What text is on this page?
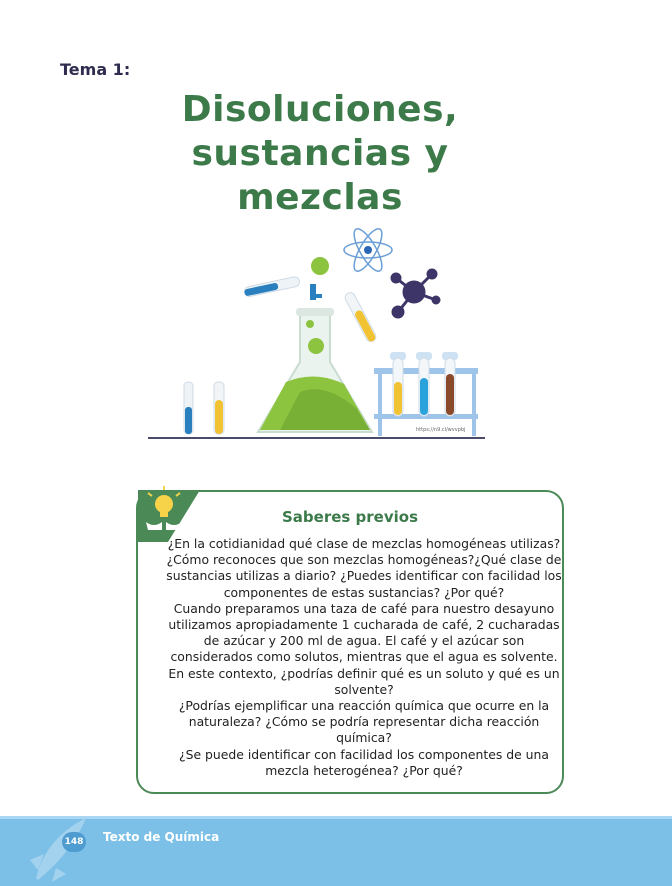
Tema 1:
Disoluciones,
sustancias y
mezclas
https://n9.cl/wvvpbj
Saberes previos

¿En la cotidianidad qué clase de mezclas homogéneas utilizas? ¿Cómo reconoces que son mezclas homogéneas?¿Qué clase de sustancias utilizas a diario? ¿Puedes identificar con facilidad los componentes de estas sustancias? ¿Por qué?

Cuando preparamos una taza de café para nuestro desayuno utilizamos apropiadamente 1 cucharada de café, 2 cucharadas de azúcar y 200 ml de agua. El café y el azúcar son considerados como solutos, mientras que el agua es solvente. En este contexto, ¿podrías definir qué es un soluto y qué es un solvente?

¿Podrías ejemplificar una reacción química que ocurre en la naturaleza? ¿Cómo se podría representar dicha reacción química?

¿Se puede identificar con facilidad los componentes de una mezcla heterogénea? ¿Por qué?

148 Texto de Química
